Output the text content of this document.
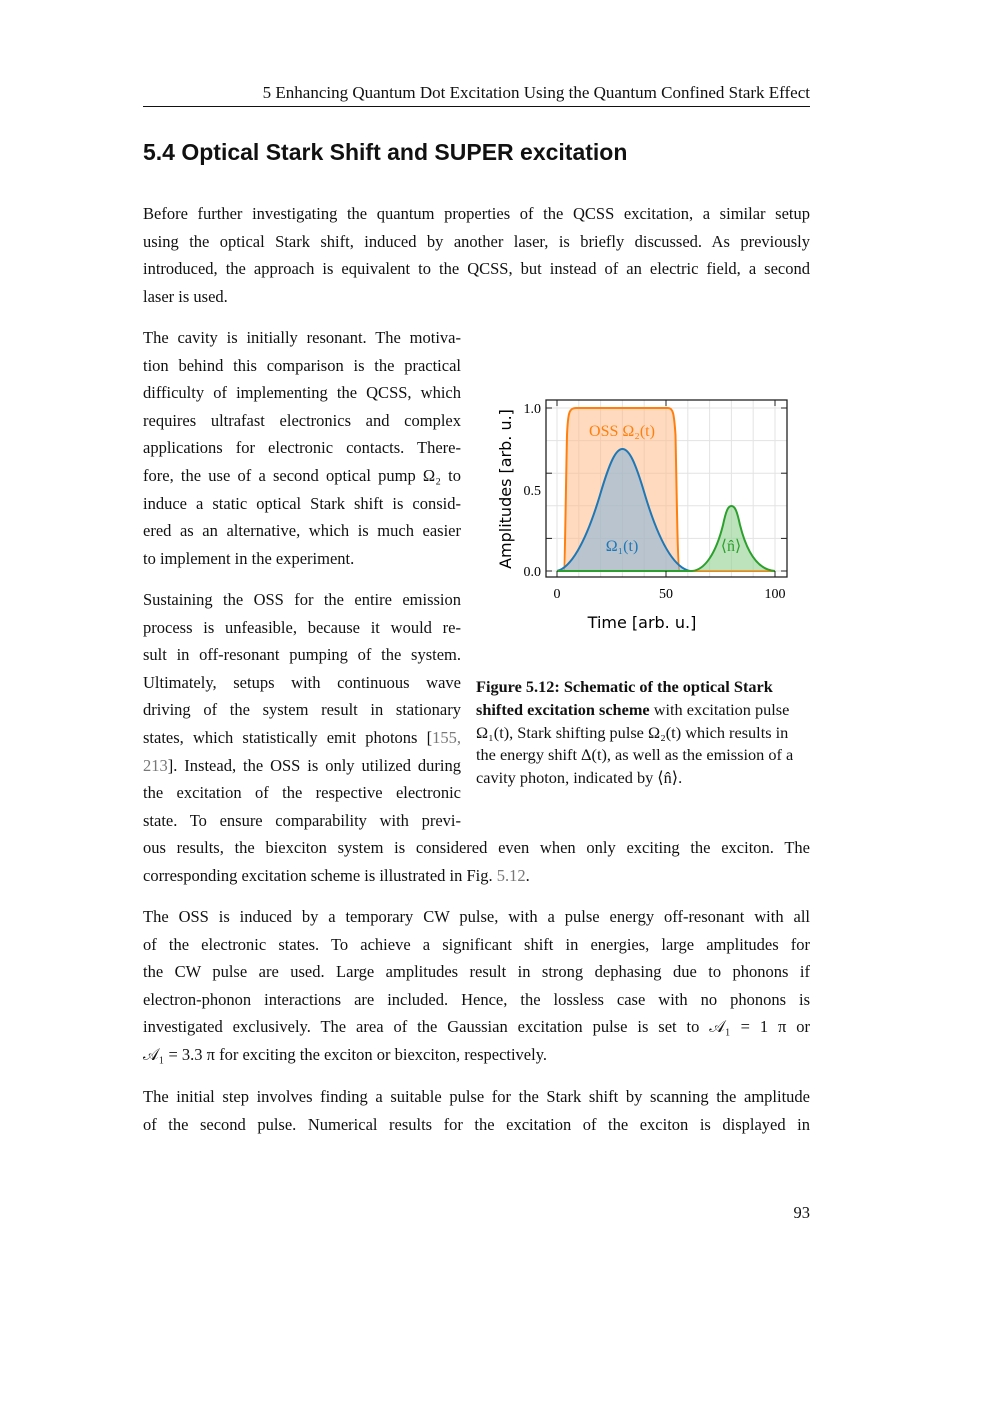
5 Enhancing Quantum Dot Excitation Using the Quantum Confined Stark Effect
5.4 Optical Stark Shift and SUPER excitation
Before further investigating the quantum properties of the QCSS excitation, a similar setup
using the optical Stark shift, induced by another laser, is briefly discussed. As previously
introduced, the approach is equivalent to the QCSS, but instead of an electric field, a second
laser is used.
The cavity is initially resonant. The motiva-
tion behind this comparison is the practical
difficulty of implementing the QCSS, which
requires ultrafast electronics and complex
applications for electronic contacts. There-
fore, the use of a second optical pump Ω₂ to
induce a static optical Stark shift is consid-
ered as an alternative, which is much easier
to implement in the experiment.
Sustaining the OSS for the entire emission
process is unfeasible, because it would re-
sult in off-resonant pumping of the system.
Ultimately, setups with continuous wave
driving of the system result in stationary
states, which statistically emit photons [155,
213]. Instead, the OSS is only utilized during
the excitation of the respective electronic
state. To ensure comparability with previ-
ous results, the biexciton system is considered even when only exciting the exciton. The
corresponding excitation scheme is illustrated in Fig. 5.12.
The OSS is induced by a temporary CW pulse, with a pulse energy off-resonant with all
of the electronic states. To achieve a significant shift in energies, large amplitudes for
the CW pulse are used. Large amplitudes result in strong dephasing due to phonons if
electron-phonon interactions are included. Hence, the lossless case with no phonons is
investigated exclusively. The area of the Gaussian excitation pulse is set to 𝒜₁ = 1 π or
𝒜₁ = 3.3 π for exciting the exciton or biexciton, respectively.
The initial step involves finding a suitable pulse for the Stark shift by scanning the amplitude
of the second pulse. Numerical results for the excitation of the exciton is displayed in
1.0
0.5
0.0
0	50	100
Time [arb. u.]
Amplitudes [arb. u.]	OSS Ω₂(t)
Ω₁(t)	⟨n̂⟩
Figure 5.12: Schematic of the optical Stark shifted excitation scheme with excitation pulse Ω₁(t), Stark shifting pulse Ω₂(t) which results in the energy shift Δ(t), as well as the emission of a cavity photon, indicated by ⟨n̂⟩.
93
